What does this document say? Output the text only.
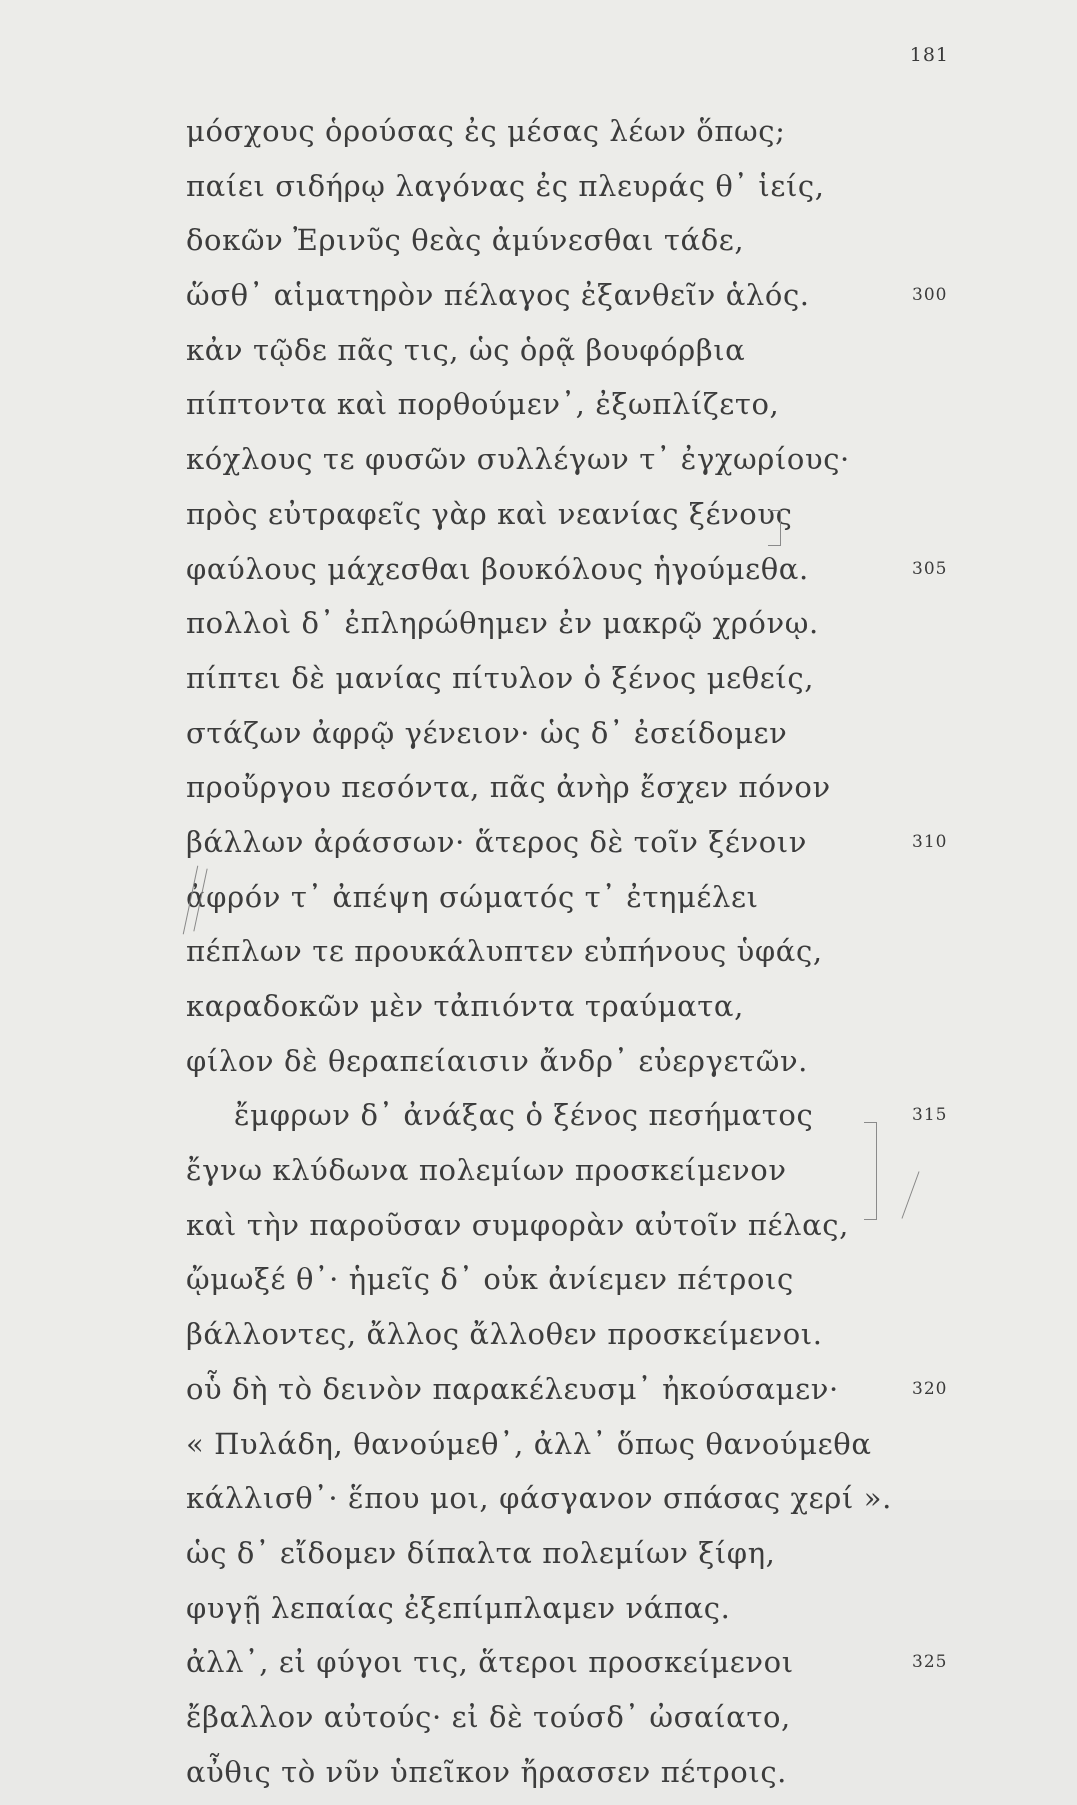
181
μόσχους ὁρούσας ἐς μέσας λέων ὅπως;
παίει σιδήρῳ λαγόνας ἐς πλευράς θ᾽ ἱείς,
δοκῶν Ἐρινῦς θεὰς ἀμύνεσθαι τάδε,
ὥσθ᾽ αἱματηρὸν πέλαγος ἐξανθεῖν ἁλός.	300
κἀν τῷδε πᾶς τις, ὡς ὁρᾷ βουφόρβια
πίπτοντα καὶ πορθούμεν᾽, ἐξωπλίζετο,
κόχλους τε φυσῶν συλλέγων τ᾽ ἐγχωρίους·
πρὸς εὐτραφεῖς γὰρ καὶ νεανίας ξένους
φαύλους μάχεσθαι βουκόλους ἡγούμεθα.	305
πολλοὶ δ᾽ ἐπληρώθημεν ἐν μακρῷ χρόνῳ.
πίπτει δὲ μανίας πίτυλον ὁ ξένος μεθείς,
στάζων ἀφρῷ γένειον· ὡς δ᾽ ἐσείδομεν
προὔργου πεσόντα, πᾶς ἀνὴρ ἔσχεν πόνον
βάλλων ἀράσσων· ἅτερος δὲ τοῖν ξένοιν	310
ἀφρόν τ᾽ ἀπέψη σώματός τ᾽ ἐτημέλει
πέπλων τε προυκάλυπτεν εὐπήνους ὑφάς,
καραδοκῶν μὲν τἀπιόντα τραύματα,
φίλον δὲ θεραπείαισιν ἄνδρ᾽ εὐεργετῶν.
ἔμφρων δ᾽ ἀνάξας ὁ ξένος πεσήματος	315
ἔγνω κλύδωνα πολεμίων προσκείμενον
καὶ τὴν παροῦσαν συμφορὰν αὐτοῖν πέλας,
ᾤμωξέ θ᾽· ἡμεῖς δ᾽ οὐκ ἀνίεμεν πέτροις
βάλλοντες, ἄλλος ἄλλοθεν προσκείμενοι.
οὗ δὴ τὸ δεινὸν παρακέλευσμ᾽ ἠκούσαμεν·	320
« Πυλάδη, θανούμεθ᾽, ἀλλ᾽ ὅπως θανούμεθα
κάλλισθ᾽· ἕπου μοι, φάσγανον σπάσας χερί ».
ὡς δ᾽ εἴδομεν δίπαλτα πολεμίων ξίφη,
φυγῇ λεπαίας ἐξεπίμπλαμεν νάπας.
ἀλλ᾽, εἰ φύγοι τις, ἅτεροι προσκείμενοι	325
ἔβαλλον αὐτούς· εἰ δὲ τούσδ᾽ ὠσαίατο,
αὖθις τὸ νῦν ὑπεῖκον ἤρασσεν πέτροις.
